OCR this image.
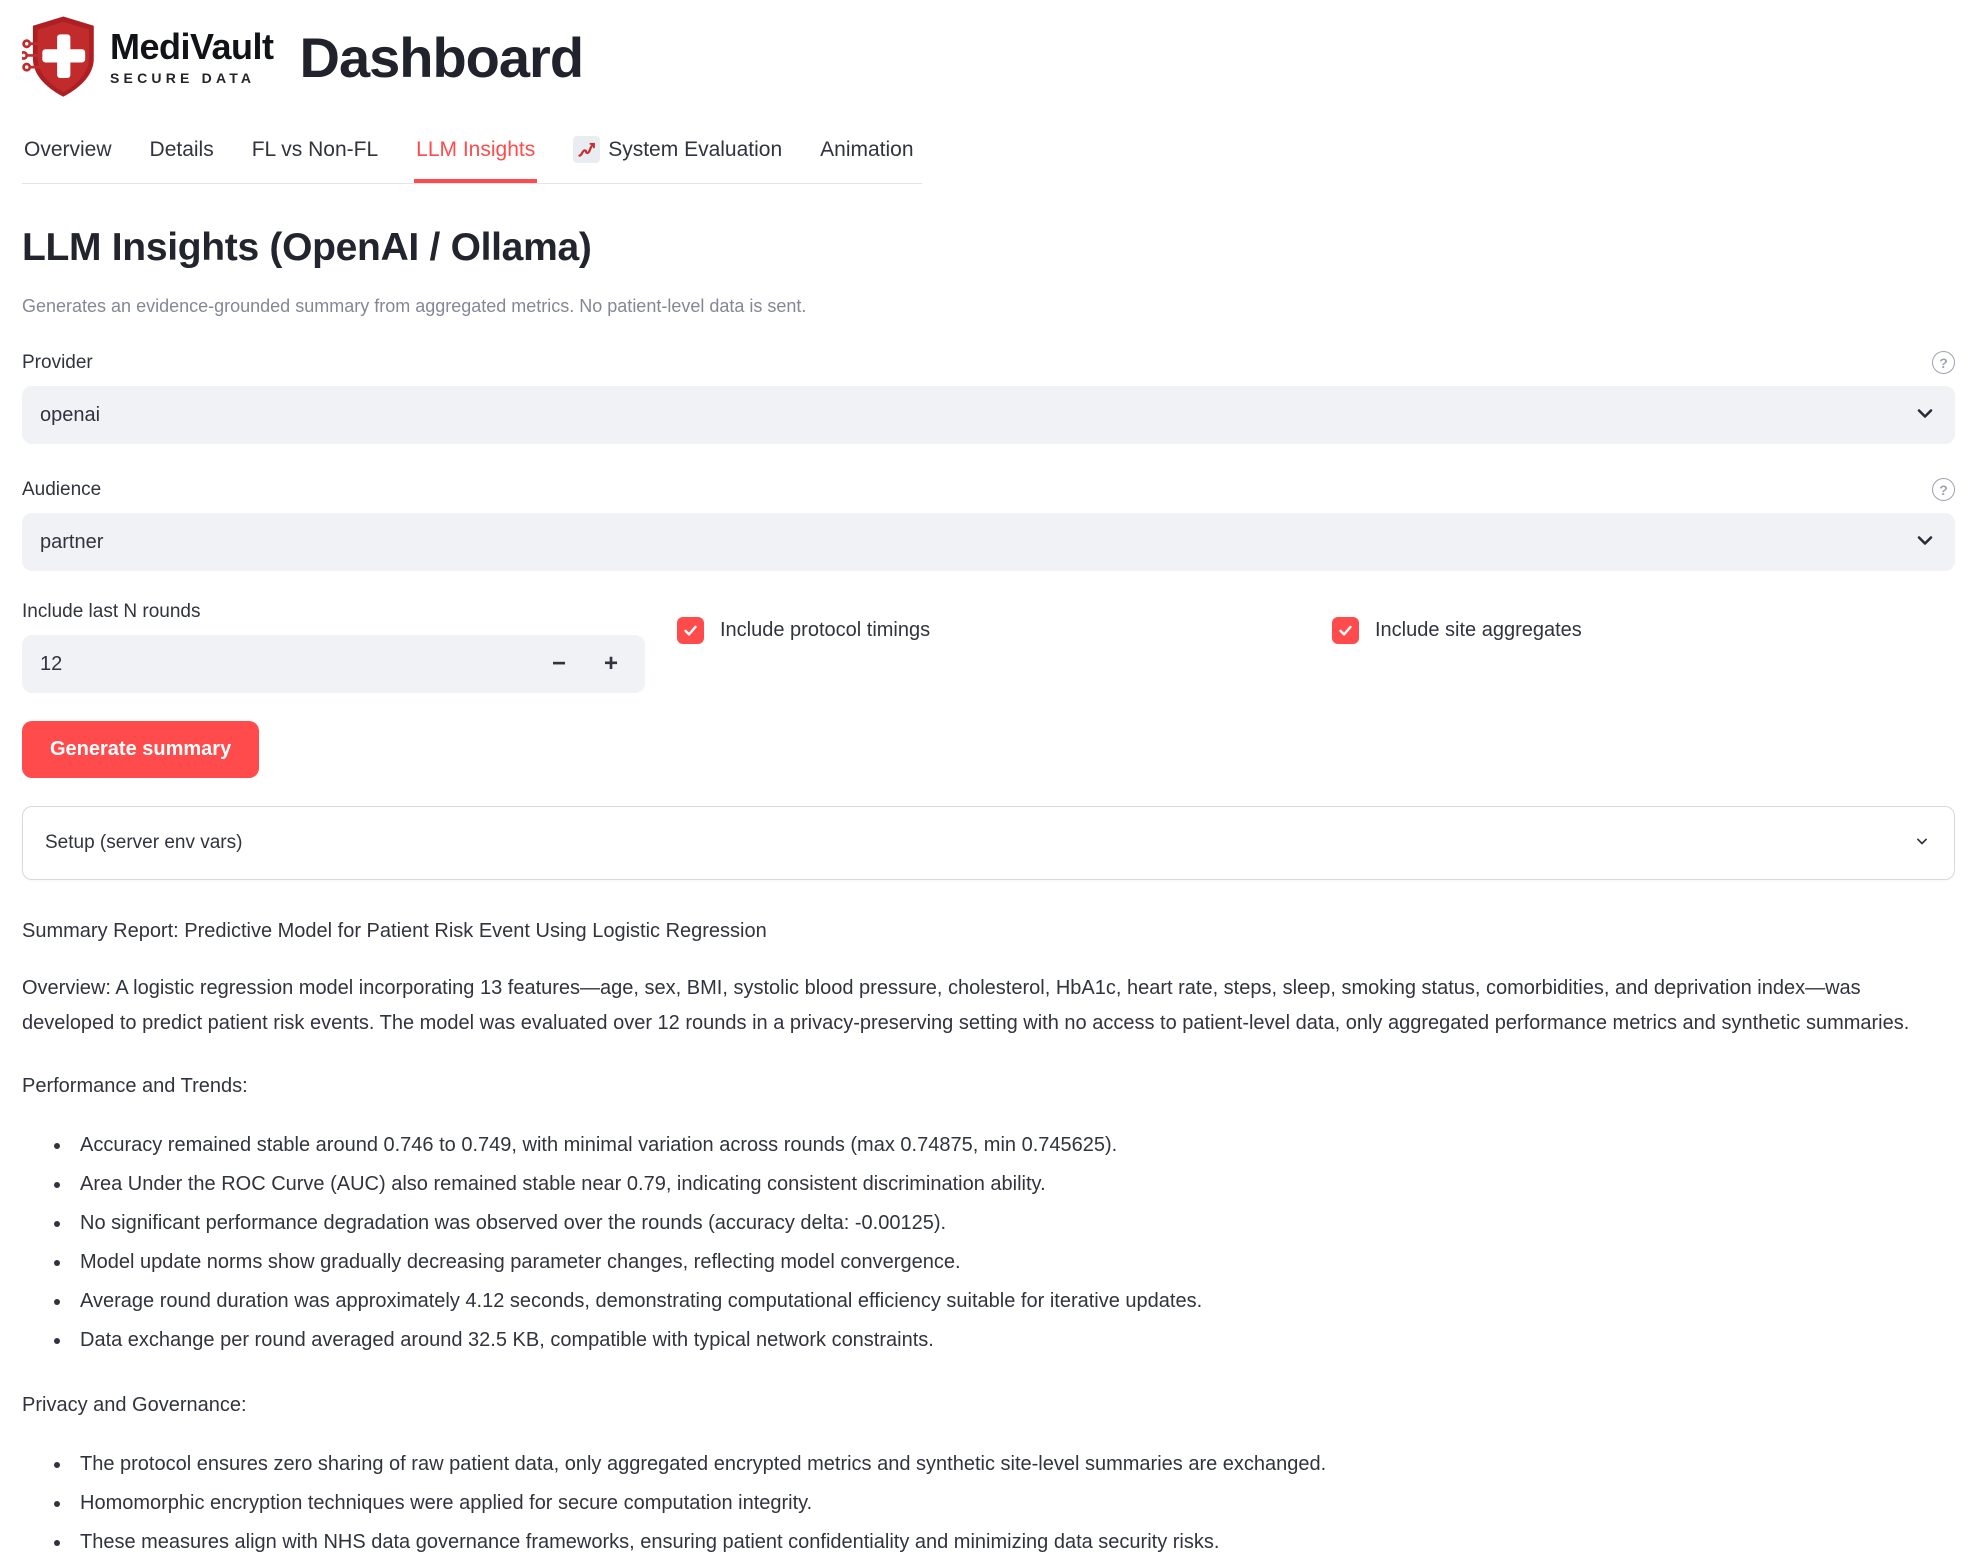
MediVault
SECURE DATA Dashboard
Overview Details FL vs Non-FL LLM Insights	System Evaluation Animation
LLM Insights (OpenAI / Ollama)
Generates an evidence-grounded summary from aggregated metrics. No patient-level data is sent.
Provider	?
openai
Audience	?
partner
Include last N rounds
12	−	+
Include protocol timings	Include site aggregates
Generate summary
Setup (server env vars)

Summary Report: Predictive Model for Patient Risk Event Using Logistic Regression

Overview: A logistic regression model incorporating 13 features—age, sex, BMI, systolic blood pressure, cholesterol, HbA1c, heart rate, steps, sleep, smoking status, comorbidities, and deprivation index—was developed to predict patient risk events. The model was evaluated over 12 rounds in a privacy-preserving setting with no access to patient-level data, only aggregated performance metrics and synthetic summaries.

Performance and Trends:

• Accuracy remained stable around 0.746 to 0.749, with minimal variation across rounds (max 0.74875, min 0.745625).
• Area Under the ROC Curve (AUC) also remained stable near 0.79, indicating consistent discrimination ability.
• No significant performance degradation was observed over the rounds (accuracy delta: -0.00125).
• Model update norms show gradually decreasing parameter changes, reflecting model convergence.
• Average round duration was approximately 4.12 seconds, demonstrating computational efficiency suitable for iterative updates.
• Data exchange per round averaged around 32.5 KB, compatible with typical network constraints.

Privacy and Governance:

• The protocol ensures zero sharing of raw patient data, only aggregated encrypted metrics and synthetic site-level summaries are exchanged.
• Homomorphic encryption techniques were applied for secure computation integrity.
• These measures align with NHS data governance frameworks, ensuring patient confidentiality and minimizing data security risks.
